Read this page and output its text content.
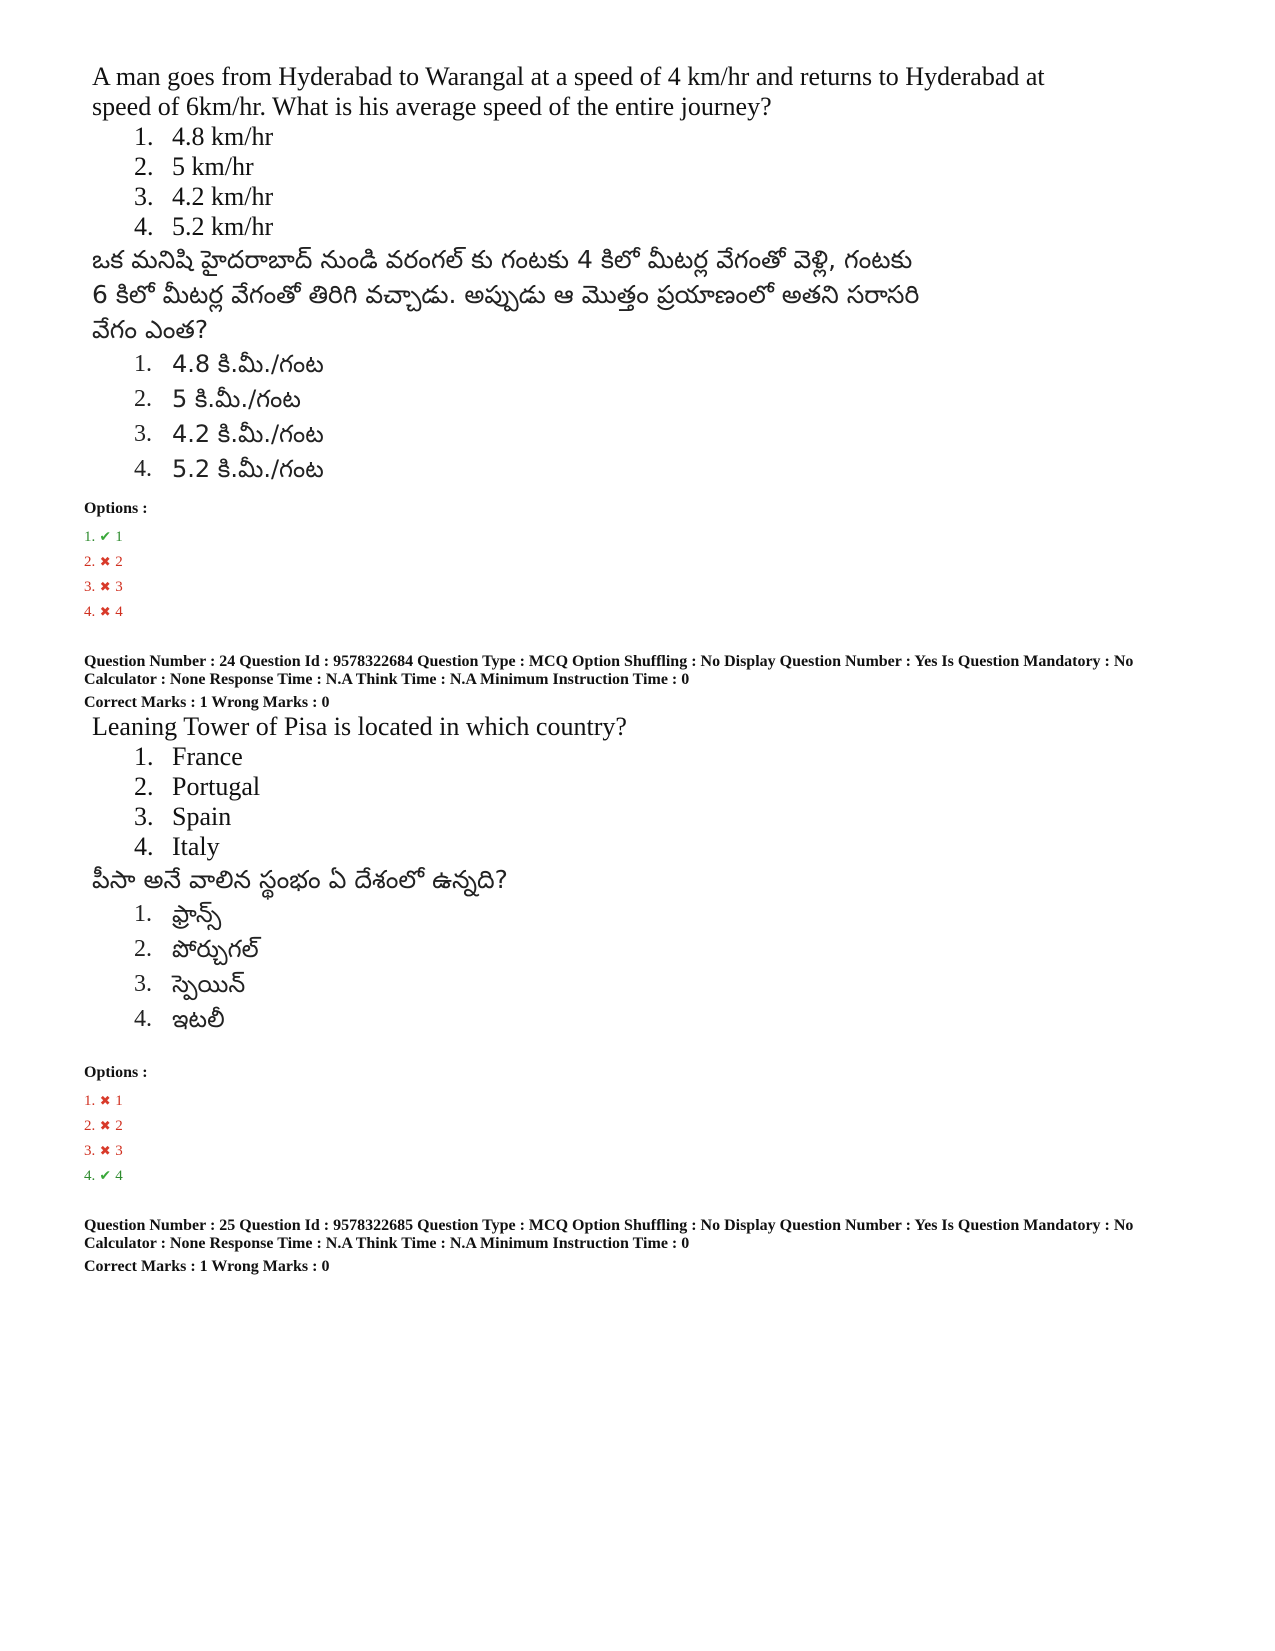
A man goes from Hyderabad to Warangal at a speed of 4 km/hr and returns to Hyderabad at

speed of 6km/hr. What is his average speed of the entire journey?

1. 4.8 km/hr
2. 5 km/hr
3. 4.2 km/hr
4. 5.2 km/hr

ఒక మనిషి హైదరాబాద్ నుండి వరంగల్ కు గంటకు 4 కిలో మీటర్ల వేగంతో వెళ్లి, గంటకు

6 కిలో మీటర్ల వేగంతో తిరిగి వచ్చాడు. అప్పుడు ఆ మొత్తం ప్రయాణంలో అతని సరాసరి

వేగం ఎంత?

1. 4.8 కి.మీ./గంట
2. 5 కి.మీ./గంట
3. 4.2 కి.మీ./గంట
4. 5.2 కి.మీ./గంట
Options :
1. ✔ 1
2. ✖ 2
3. ✖ 3
4. ✖ 4

Question Number : 24 Question Id : 9578322684 Question Type : MCQ Option Shuffling : No Display Question Number : Yes Is Question Mandatory : No

Calculator : None Response Time : N.A Think Time : N.A Minimum Instruction Time : 0

Correct Marks : 1 Wrong Marks : 0

Leaning Tower of Pisa is located in which country?

1. France
2. Portugal
3. Spain
4. Italy

పీసా అనే వాలిన స్థంభం ఏ దేశంలో ఉన్నది?

1. ఫ్రాన్స్
2. పోర్చుగల్
3. స్పెయిన్
4. ఇటలీ
Options :
1. ✖ 1
2. ✖ 2
3. ✖ 3
4. ✔ 4

Question Number : 25 Question Id : 9578322685 Question Type : MCQ Option Shuffling : No Display Question Number : Yes Is Question Mandatory : No

Calculator : None Response Time : N.A Think Time : N.A Minimum Instruction Time : 0

Correct Marks : 1 Wrong Marks : 0
